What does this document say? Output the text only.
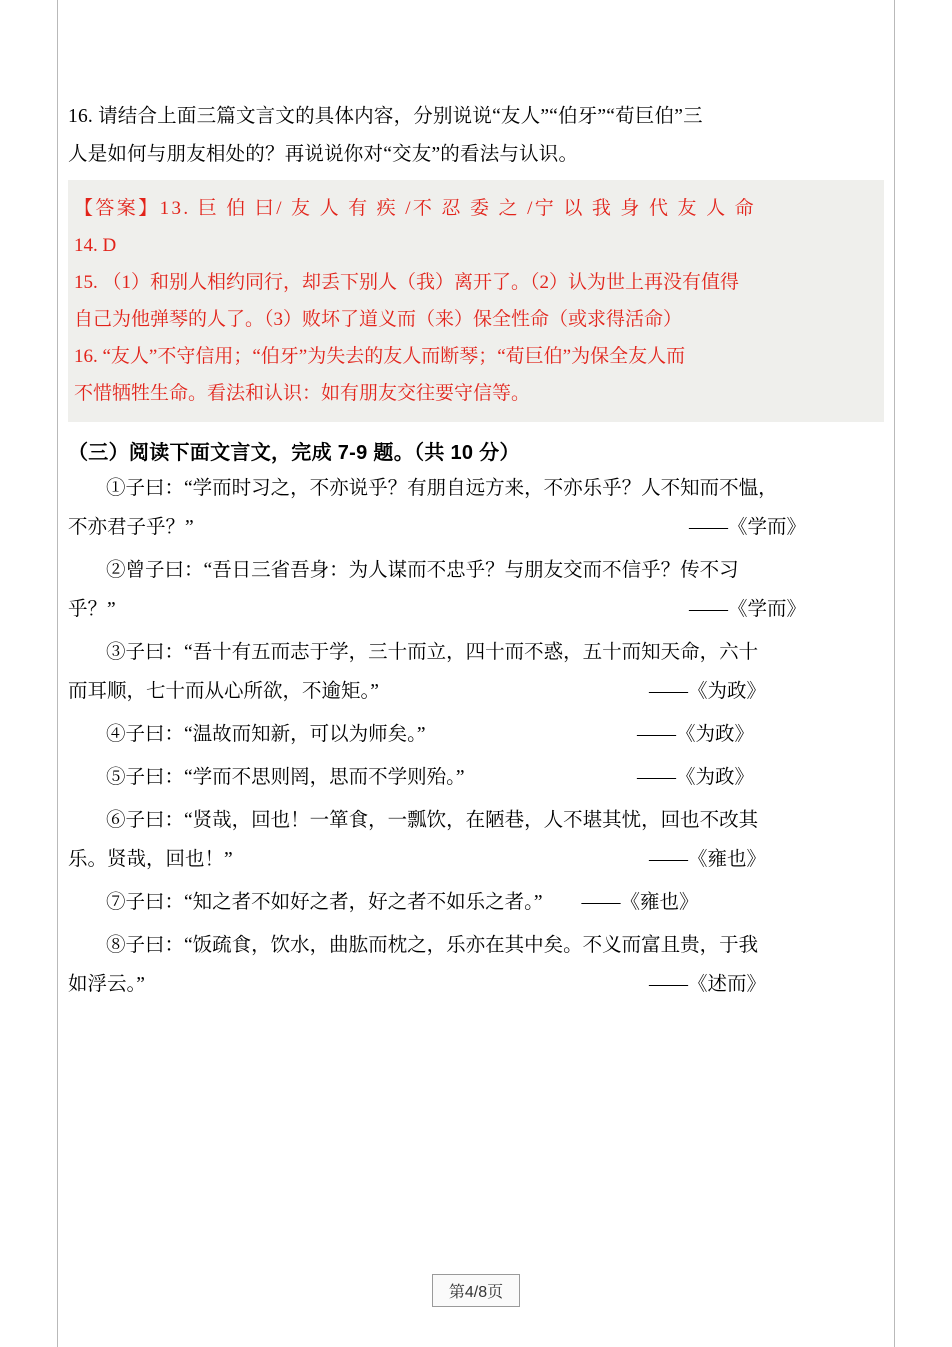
16. 请结合上面三篇文言文的具体内容，分别说说“友人”“伯牙”“荀巨伯”三
人是如何与朋友相处的？再说说你对“交友”的看法与认识。

【答案】13. 巨 伯 曰/ 友 人 有 疾 /不 忍 委 之 /宁 以 我 身 代 友 人 命

14. D

15. （1）和别人相约同行，却丢下别人（我）离开了。（2）认为世上再没有值得

自己为他弹琴的人了。（3）败坏了道义而（来）保全性命（或求得活命）

16. “友人”不守信用；“伯牙”为失去的友人而断琴；“荀巨伯”为保全友人而

不惜牺牲生命。看法和认识：如有朋友交往要守信等。

（三）阅读下面文言文，完成 7-9 题。（共 10 分）
①子曰：“学而时习之，不亦说乎？有朋自远方来，不亦乐乎？人不知而不愠，
不亦君子乎？”	——《学而》
②曾子曰：“吾日三省吾身：为人谋而不忠乎？与朋友交而不信乎？传不习
乎？”	——《学而》
③子曰：“吾十有五而志于学，三十而立，四十而不惑，五十而知天命，六十
而耳顺，七十而从心所欲，不逾矩。”	——《为政》
④子曰：“温故而知新，可以为师矣。”	——《为政》
⑤子曰：“学而不思则罔，思而不学则殆。”	——《为政》
⑥子曰：“贤哉，回也！一箪食，一瓢饮，在陋巷，人不堪其忧，回也不改其
乐。贤哉，回也！”	——《雍也》
⑦子曰：“知之者不如好之者，好之者不如乐之者。” ——《雍也》
⑧子曰：“饭疏食，饮水，曲肱而枕之，乐亦在其中矣。不义而富且贵，于我
如浮云。”	——《述而》
第4/8页
